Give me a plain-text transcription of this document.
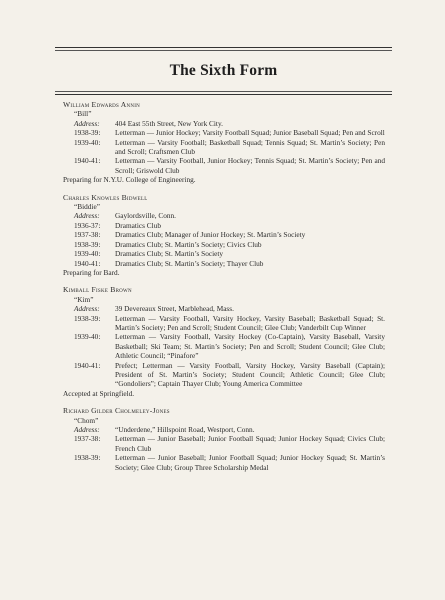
The Sixth Form
William Edwards Annin
“Bill”
Address:	404 East 55th Street, New York City.
1938-39:	Letterman — Junior Hockey; Varsity Football Squad; Junior Baseball Squad; Pen and Scroll
1939-40:	Letterman — Varsity Football; Basketball Squad; Tennis Squad; St. Martin’s Society; Pen and Scroll; Craftsmen Club
1940-41:	Letterman — Varsity Football, Junior Hockey; Tennis Squad; St. Martin’s Society; Pen and Scroll; Griswold Club
Preparing for N.Y.U. College of Engineering.
Charles Knowles Bidwell
“Biddie”
Address:	Gaylordsville, Conn.
1936-37:	Dramatics Club
1937-38:	Dramatics Club; Manager of Junior Hockey; St. Martin’s Society
1938-39:	Dramatics Club; St. Martin’s Society; Civics Club
1939-40:	Dramatics Club; St. Martin’s Society
1940-41:	Dramatics Club; St. Martin’s Society; Thayer Club
Preparing for Bard.
Kimball Fiske Brown
“Kim”
Address:	39 Devereaux Street, Marblehead, Mass.
1938-39:	Letterman — Varsity Football, Varsity Hockey, Varsity Baseball; Basketball Squad; St. Martin’s Society; Pen and Scroll; Student Council; Glee Club; Vanderbilt Cup Winner
1939-40:	Letterman — Varsity Football, Varsity Hockey (Co-Captain), Varsity Baseball, Varsity Basketball; Ski Team; St. Martin’s Society; Pen and Scroll; Student Council; Glee Club; Athletic Council; “Pinafore”
1940-41:	Prefect; Letterman — Varsity Football, Varsity Hockey, Varsity Baseball (Captain); President of St. Martin’s Society; Student Council; Athletic Council; Glee Club; “Gondoliers”; Captain Thayer Club; Young America Committee
Accepted at Springfield.
Richard Gilder Cholmeley-Jones
“Chom”
Address:	“Underdene,” Hillspoint Road, Westport, Conn.
1937-38:	Letterman — Junior Baseball; Junior Football Squad; Junior Hockey Squad; Civics Club; French Club
1938-39:	Letterman — Junior Baseball; Junior Football Squad; Junior Hockey Squad; St. Martin’s Society; Glee Club; Group Three Scholarship Medal
